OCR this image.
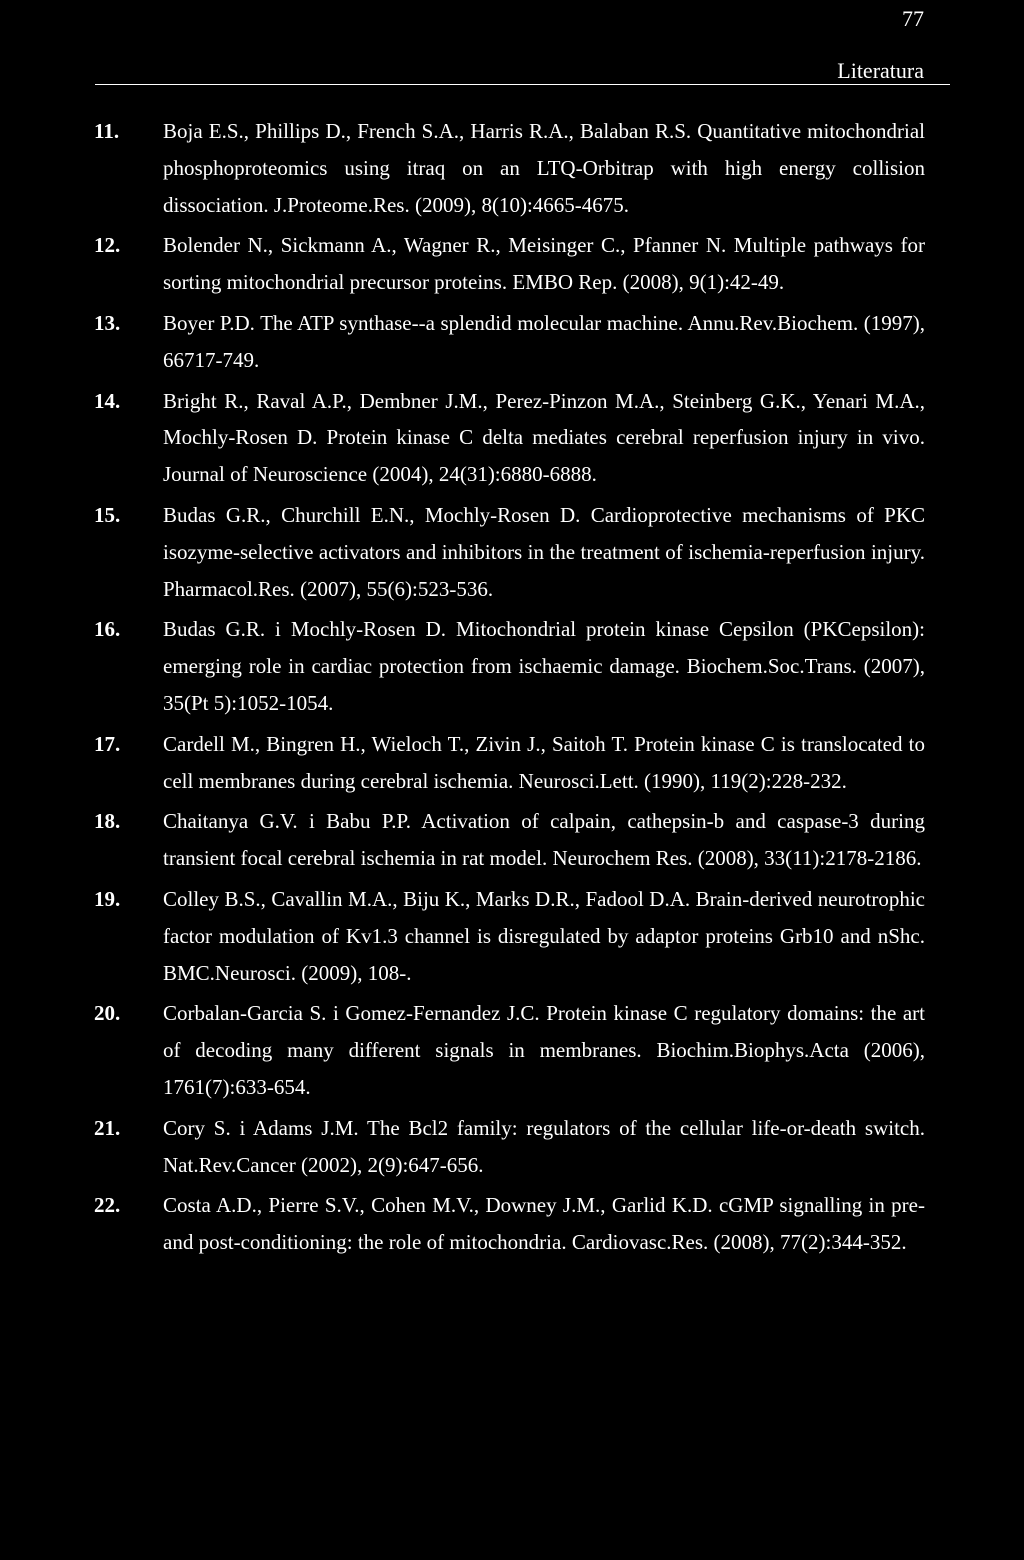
77
Literatura
11. Boja E.S., Phillips D., French S.A., Harris R.A., Balaban R.S. Quantitative mitochondrial phosphoproteomics using itraq on an LTQ-Orbitrap with high energy collision dissociation. J.Proteome.Res. (2009), 8(10):4665-4675.
12. Bolender N., Sickmann A., Wagner R., Meisinger C., Pfanner N. Multiple pathways for sorting mitochondrial precursor proteins. EMBO Rep. (2008), 9(1):42-49.
13. Boyer P.D. The ATP synthase--a splendid molecular machine. Annu.Rev.Biochem. (1997), 66717-749.
14. Bright R., Raval A.P., Dembner J.M., Perez-Pinzon M.A., Steinberg G.K., Yenari M.A., Mochly-Rosen D. Protein kinase C delta mediates cerebral reperfusion injury in vivo. Journal of Neuroscience (2004), 24(31):6880-6888.
15. Budas G.R., Churchill E.N., Mochly-Rosen D. Cardioprotective mechanisms of PKC isozyme-selective activators and inhibitors in the treatment of ischemia-reperfusion injury. Pharmacol.Res. (2007), 55(6):523-536.
16. Budas G.R. i Mochly-Rosen D. Mitochondrial protein kinase Cepsilon (PKCepsilon): emerging role in cardiac protection from ischaemic damage. Biochem.Soc.Trans. (2007), 35(Pt 5):1052-1054.
17. Cardell M., Bingren H., Wieloch T., Zivin J., Saitoh T. Protein kinase C is translocated to cell membranes during cerebral ischemia. Neurosci.Lett. (1990), 119(2):228-232.
18. Chaitanya G.V. i Babu P.P. Activation of calpain, cathepsin-b and caspase-3 during transient focal cerebral ischemia in rat model. Neurochem Res. (2008), 33(11):2178-2186.
19. Colley B.S., Cavallin M.A., Biju K., Marks D.R., Fadool D.A. Brain-derived neurotrophic factor modulation of Kv1.3 channel is disregulated by adaptor proteins Grb10 and nShc. BMC.Neurosci. (2009), 108-.
20. Corbalan-Garcia S. i Gomez-Fernandez J.C. Protein kinase C regulatory domains: the art of decoding many different signals in membranes. Biochim.Biophys.Acta (2006), 1761(7):633-654.
21. Cory S. i Adams J.M. The Bcl2 family: regulators of the cellular life-or-death switch. Nat.Rev.Cancer (2002), 2(9):647-656.
22. Costa A.D., Pierre S.V., Cohen M.V., Downey J.M., Garlid K.D. cGMP signalling in pre- and post-conditioning: the role of mitochondria. Cardiovasc.Res. (2008), 77(2):344-352.
